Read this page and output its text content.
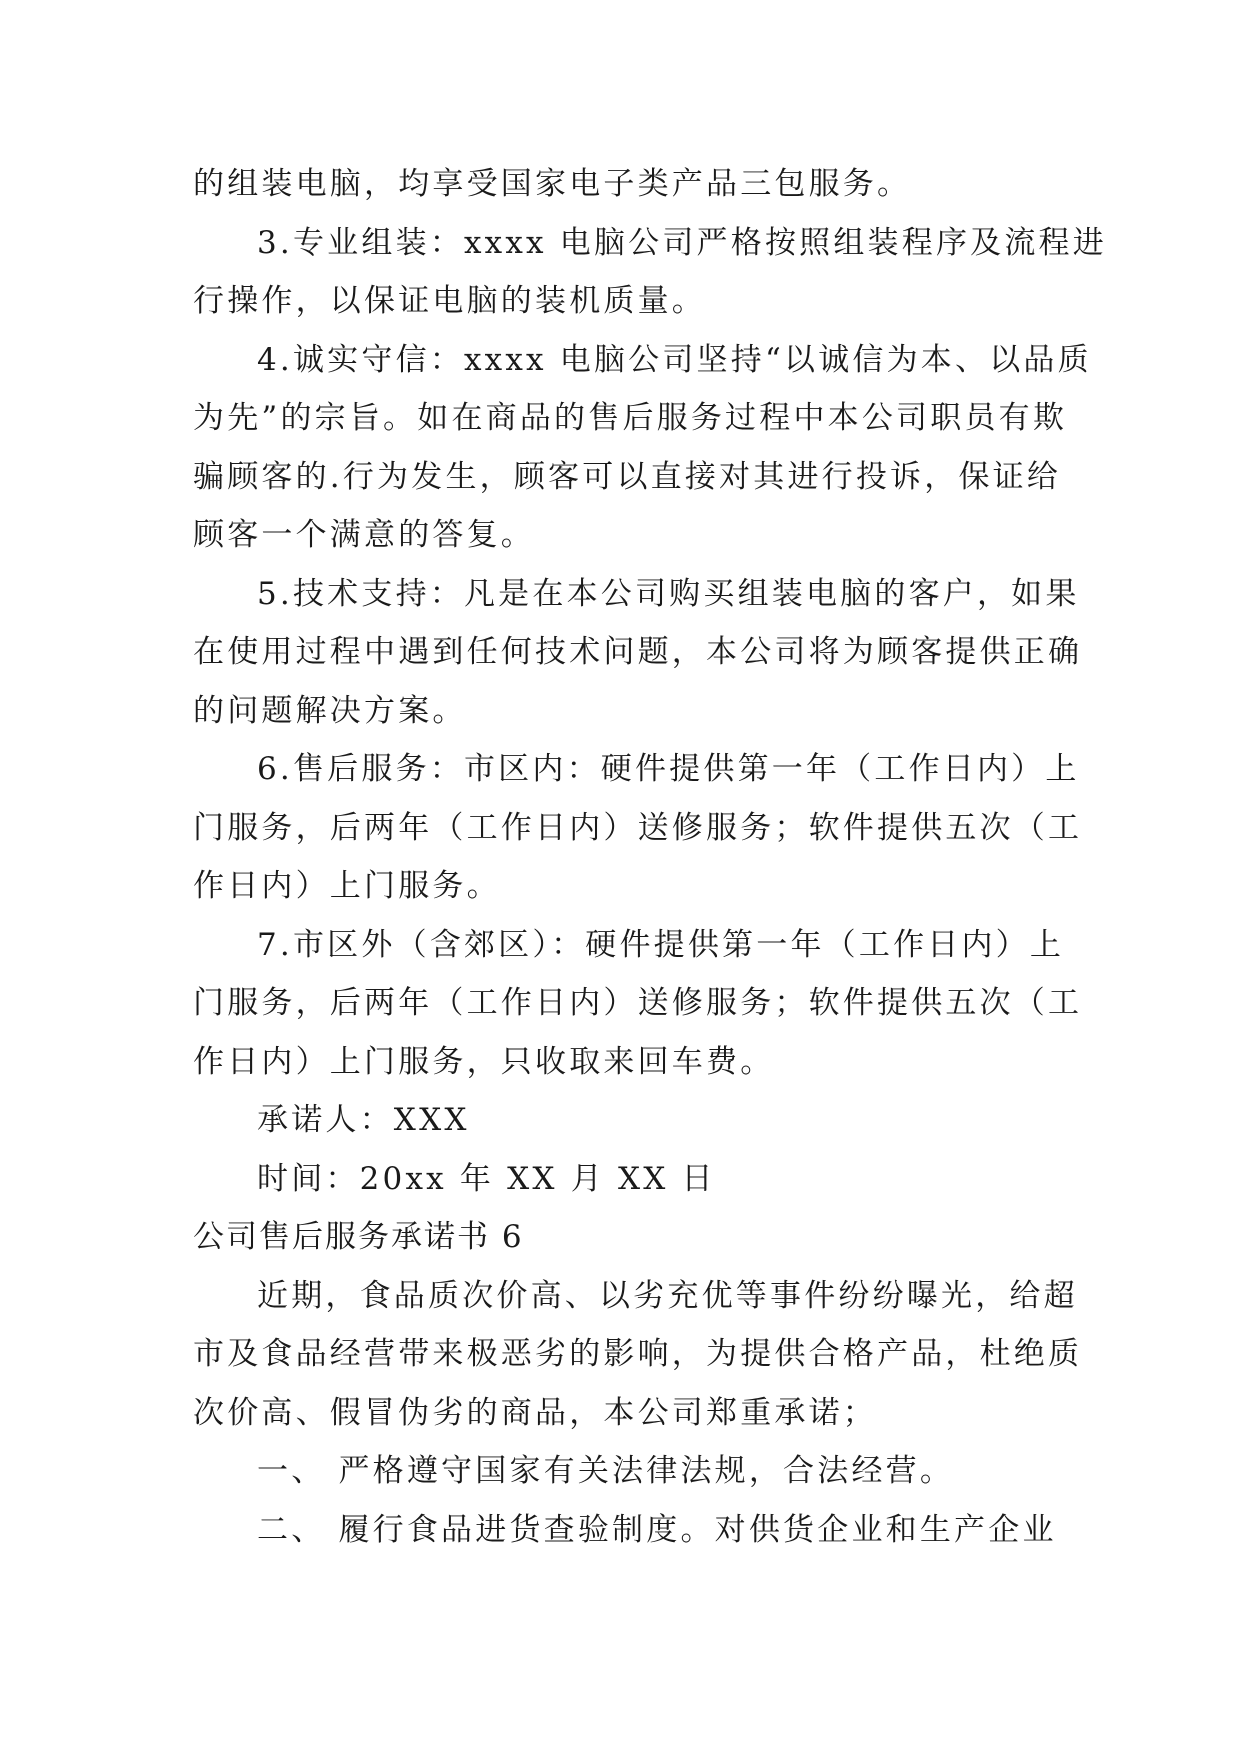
的组装电脑，均享受国家电子类产品三包服务。
3.专业组装：xxxx 电脑公司严格按照组装程序及流程进
行操作，以保证电脑的装机质量。
4.诚实守信：xxxx 电脑公司坚持“以诚信为本、以品质
为先”的宗旨。如在商品的售后服务过程中本公司职员有欺
骗顾客的.行为发生，顾客可以直接对其进行投诉，保证给
顾客一个满意的答复。
5.技术支持：凡是在本公司购买组装电脑的客户，如果
在使用过程中遇到任何技术问题，本公司将为顾客提供正确
的问题解决方案。
6.售后服务：市区内：硬件提供第一年（工作日内）上
门服务，后两年（工作日内）送修服务；软件提供五次（工
作日内）上门服务。
7.市区外（含郊区）：硬件提供第一年（工作日内）上
门服务，后两年（工作日内）送修服务；软件提供五次（工
作日内）上门服务，只收取来回车费。
承诺人：XXX
时间：20xx 年 XX 月 XX 日
公司售后服务承诺书 6
近期，食品质次价高、以劣充优等事件纷纷曝光，给超
市及食品经营带来极恶劣的影响，为提供合格产品，杜绝质
次价高、假冒伪劣的商品，本公司郑重承诺；
一、 严格遵守国家有关法律法规，合法经营。
二、 履行食品进货查验制度。对供货企业和生产企业
